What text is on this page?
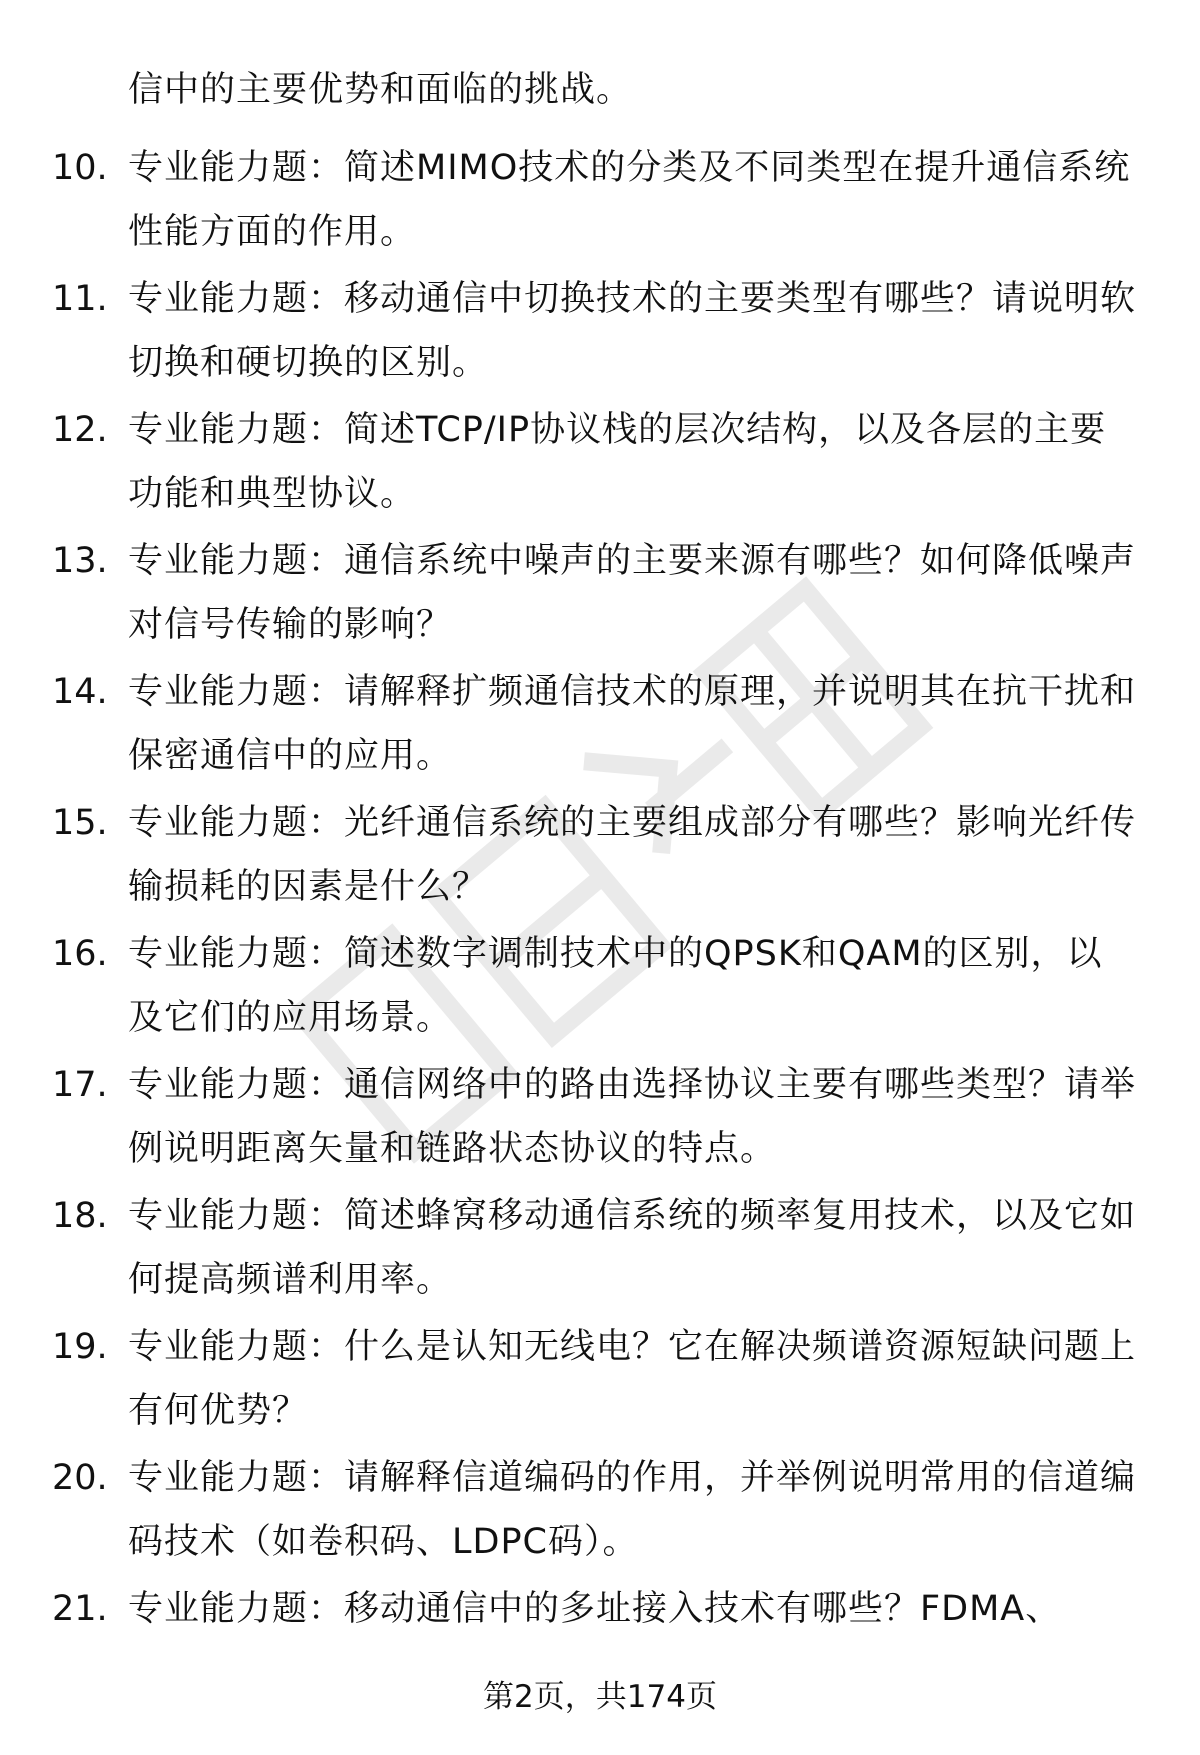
信中的主要优势和面临的挑战。
10. 专业能力题：简述MIMO技术的分类及不同类型在提升通信系统性能方面的作用。
11. 专业能力题：移动通信中切换技术的主要类型有哪些？请说明软切换和硬切换的区别。
12. 专业能力题：简述TCP/IP协议栈的层次结构，以及各层的主要功能和典型协议。
13. 专业能力题：通信系统中噪声的主要来源有哪些？如何降低噪声对信号传输的影响？
14. 专业能力题：请解释扩频通信技术的原理，并说明其在抗干扰和保密通信中的应用。
15. 专业能力题：光纤通信系统的主要组成部分有哪些？影响光纤传输损耗的因素是什么？
16. 专业能力题：简述数字调制技术中的QPSK和QAM的区别，以及它们的应用场景。
17. 专业能力题：通信网络中的路由选择协议主要有哪些类型？请举例说明距离矢量和链路状态协议的特点。
18. 专业能力题：简述蜂窝移动通信系统的频率复用技术，以及它如何提高频谱利用率。
19. 专业能力题：什么是认知无线电？它在解决频谱资源短缺问题上有何优势？
20. 专业能力题：请解释信道编码的作用，并举例说明常用的信道编码技术（如卷积码、LDPC码）。
21. 专业能力题：移动通信中的多址接入技术有哪些？FDMA、
第2页，共174页
